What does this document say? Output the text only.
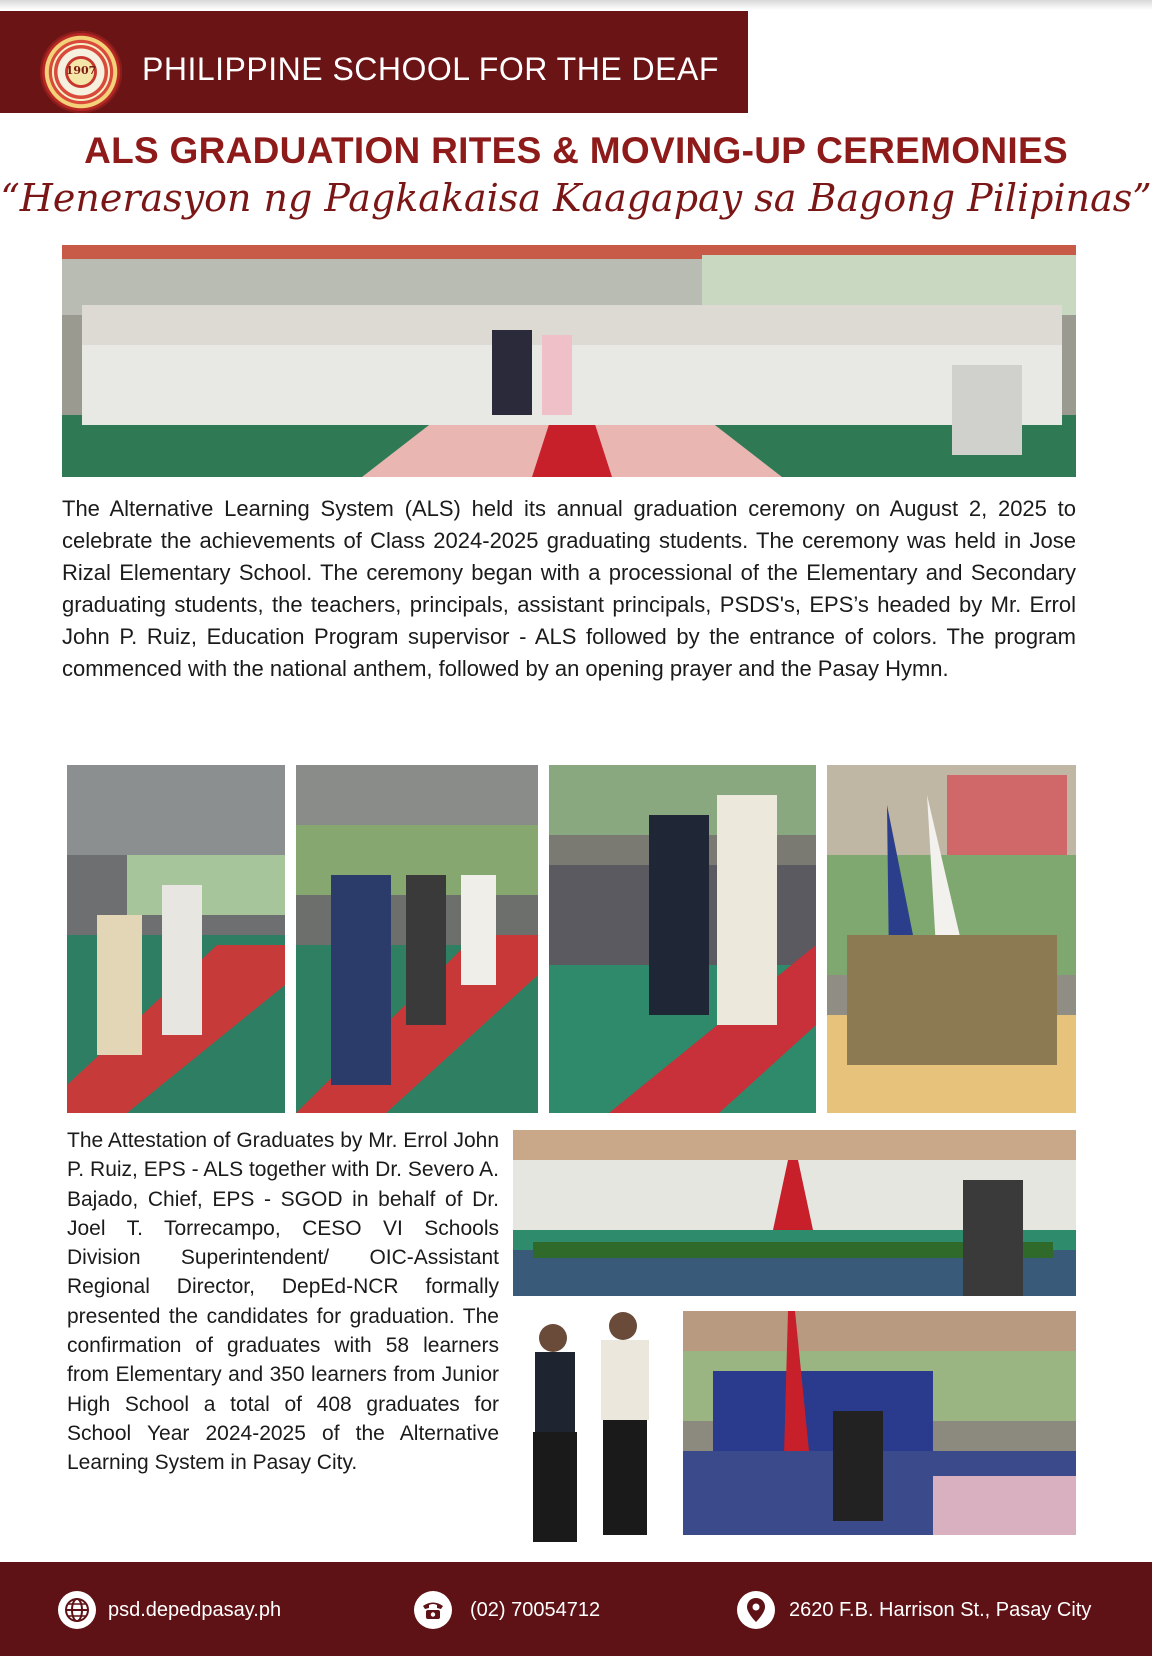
1907	PHILIPPINE SCHOOL FOR THE DEAF
ALS GRADUATION RITES & MOVING-UP CEREMONIES
“Henerasyon ng Pagkakaisa Kaagapay sa Bagong Pilipinas”

The Alternative Learning System (ALS) held its annual graduation ceremony on August 2, 2025 to celebrate the achievements of Class 2024-2025 graduating students. The ceremony was held in Jose Rizal Elementary School. The ceremony began with a processional of the Elementary and Secondary graduating students, the teachers, principals, assistant principals, PSDS's, EPS’s headed by Mr. Errol John P. Ruiz, Education Program supervisor - ALS followed by the entrance of colors. The program commenced with the national anthem, followed by an opening prayer and the Pasay Hymn.

The Attestation of Graduates by Mr. Errol John P. Ruiz, EPS - ALS together with Dr. Severo A. Bajado, Chief, EPS - SGOD in behalf of Dr. Joel T. Torrecampo, CESO VI Schools Division Superintendent/ OIC-Assistant Regional Director, DepEd-NCR formally presented the candidates for graduation. The confirmation of graduates with 58 learners from Elementary and 350 learners from Junior High School a total of 408 graduates for School Year 2024-2025 of the Alternative Learning System in Pasay City.

psd.depedpasay.ph	(02) 70054712	2620 F.B. Harrison St., Pasay City
